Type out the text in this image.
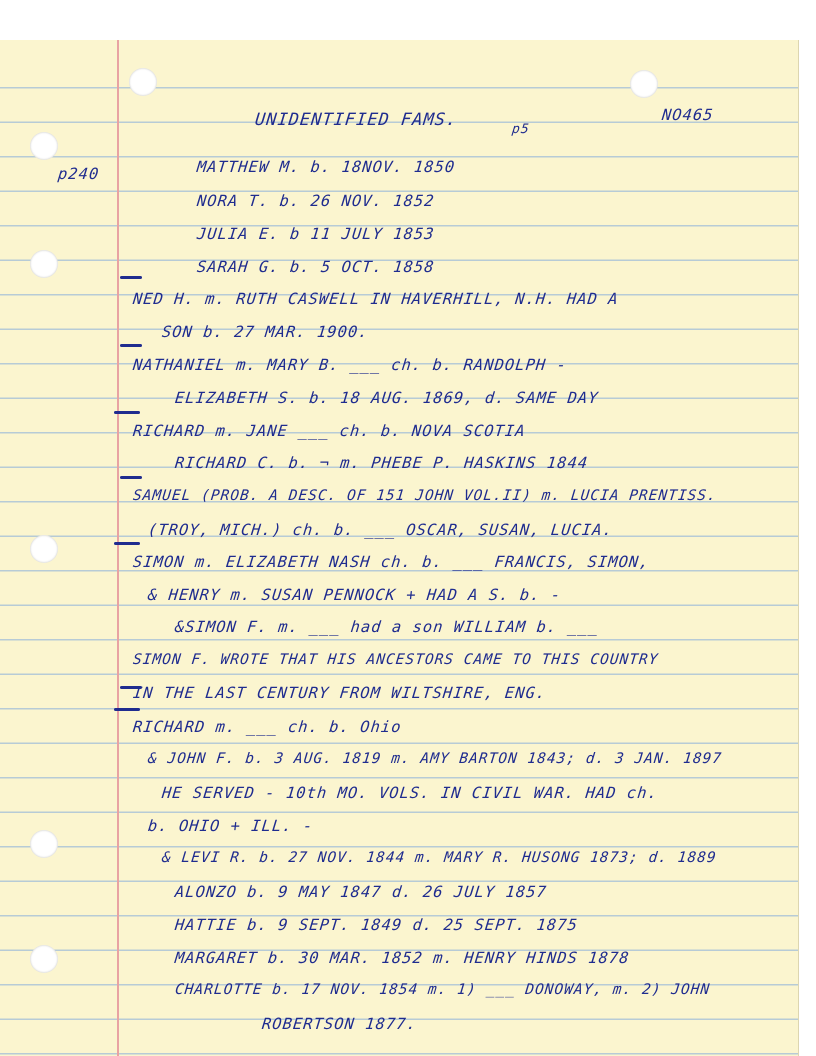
UNIDENTIFIED FAMS.	p5
NO465
p240	MATTHEW M. b. 18NOV. 1850
NORA T. b. 26 NOV. 1852
JULIA E. b 11 JULY 1853
SARAH G. b. 5 OCT. 1858
NED H. m. RUTH CASWELL IN HAVERHILL, N.H. HAD A
SON b. 27 MAR. 1900.
NATHANIEL m. MARY B. ___ ch. b. RANDOLPH -
ELIZABETH S. b. 18 AUG. 1869, d. SAME DAY
RICHARD m. JANE ___ ch. b. NOVA SCOTIA
RICHARD C. b. ¬ m. PHEBE P. HASKINS 1844
SAMUEL (PROB. A DESC. OF 151 JOHN VOL.II) m. LUCIA PRENTISS.
(TROY, MICH.) ch. b. ___ OSCAR, SUSAN, LUCIA.
SIMON m. ELIZABETH NASH ch. b. ___ FRANCIS, SIMON,
& HENRY m. SUSAN PENNOCK + HAD A S. b. -
&SIMON F. m. ___ had a son WILLIAM b. ___
SIMON F. WROTE THAT HIS ANCESTORS CAME TO THIS COUNTRY
IN THE LAST CENTURY FROM WILTSHIRE, ENG.
RICHARD m. ___ ch. b. Ohio
& JOHN F. b. 3 AUG. 1819 m. AMY BARTON 1843; d. 3 JAN. 1897
HE SERVED - 10th MO. VOLS. IN CIVIL WAR. HAD ch.
b. OHIO + ILL. -
& LEVI R. b. 27 NOV. 1844 m. MARY R. HUSONG 1873; d. 1889
ALONZO b. 9 MAY 1847 d. 26 JULY 1857
HATTIE b. 9 SEPT. 1849 d. 25 SEPT. 1875
MARGARET b. 30 MAR. 1852 m. HENRY HINDS 1878
CHARLOTTE b. 17 NOV. 1854 m. 1) ___ DONOWAY, m. 2) JOHN
ROBERTSON 1877.
